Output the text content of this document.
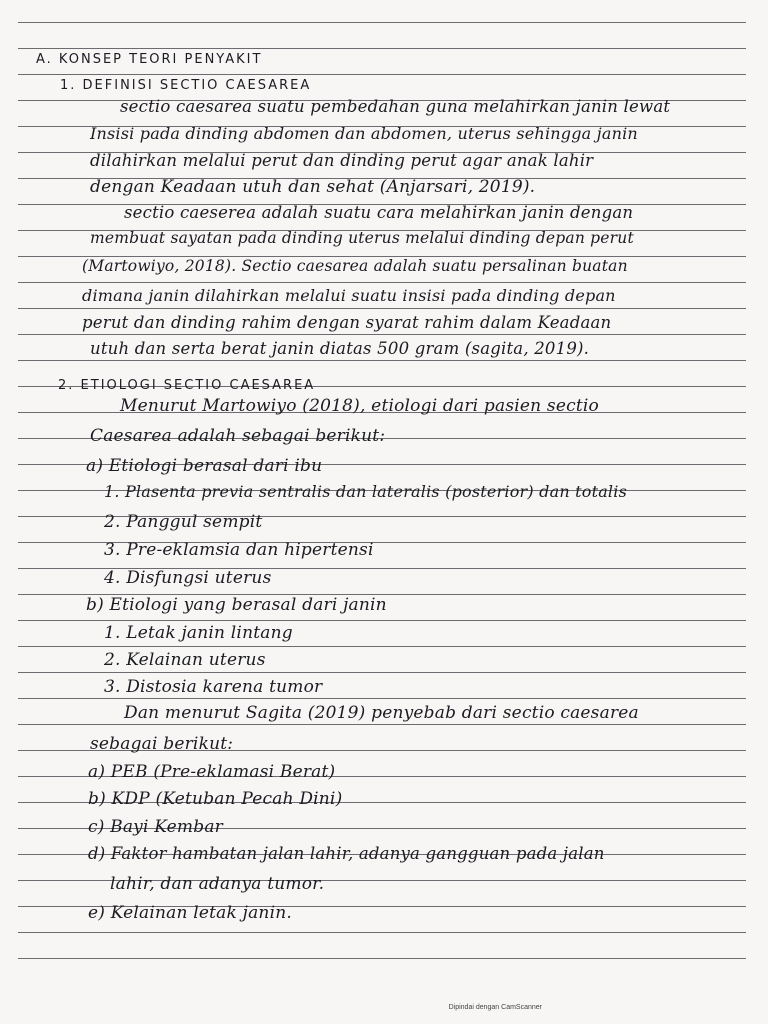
A. KONSEP TEORI PENYAKIT
1. DEFINISI SECTIO CAESAREA
sectio caesarea suatu pembedahan guna melahirkan janin lewat
Insisi pada dinding abdomen dan abdomen, uterus sehingga janin
dilahirkan melalui perut dan dinding perut agar anak lahir
dengan Keadaan utuh dan sehat (Anjarsari, 2019).
sectio caeserea adalah suatu cara melahirkan janin dengan
membuat sayatan pada dinding uterus melalui dinding depan perut
(Martowiyo, 2018). Sectio caesarea adalah suatu persalinan buatan
dimana janin dilahirkan melalui suatu insisi pada dinding depan
perut dan dinding rahim dengan syarat rahim dalam Keadaan
utuh dan serta berat janin diatas 500 gram (sagita, 2019).
2. ETIOLOGI SECTIO CAESAREA
Menurut Martowiyo (2018), etiologi dari pasien sectio
Caesarea adalah sebagai berikut:
a) Etiologi berasal dari ibu
1. Plasenta previa sentralis dan lateralis (posterior) dan totalis
2. Panggul sempit
3. Pre-eklamsia dan hipertensi
4. Disfungsi uterus
b) Etiologi yang berasal dari janin
1. Letak janin lintang
2. Kelainan uterus
3. Distosia karena tumor
Dan menurut Sagita (2019) penyebab dari sectio caesarea
sebagai berikut:
a) PEB (Pre-eklamasi Berat)
b) KDP (Ketuban Pecah Dini)
c) Bayi Kembar
d) Faktor hambatan jalan lahir, adanya gangguan pada jalan
lahir, dan adanya tumor.
e) Kelainan letak janin.
Dipindai dengan CamScanner
